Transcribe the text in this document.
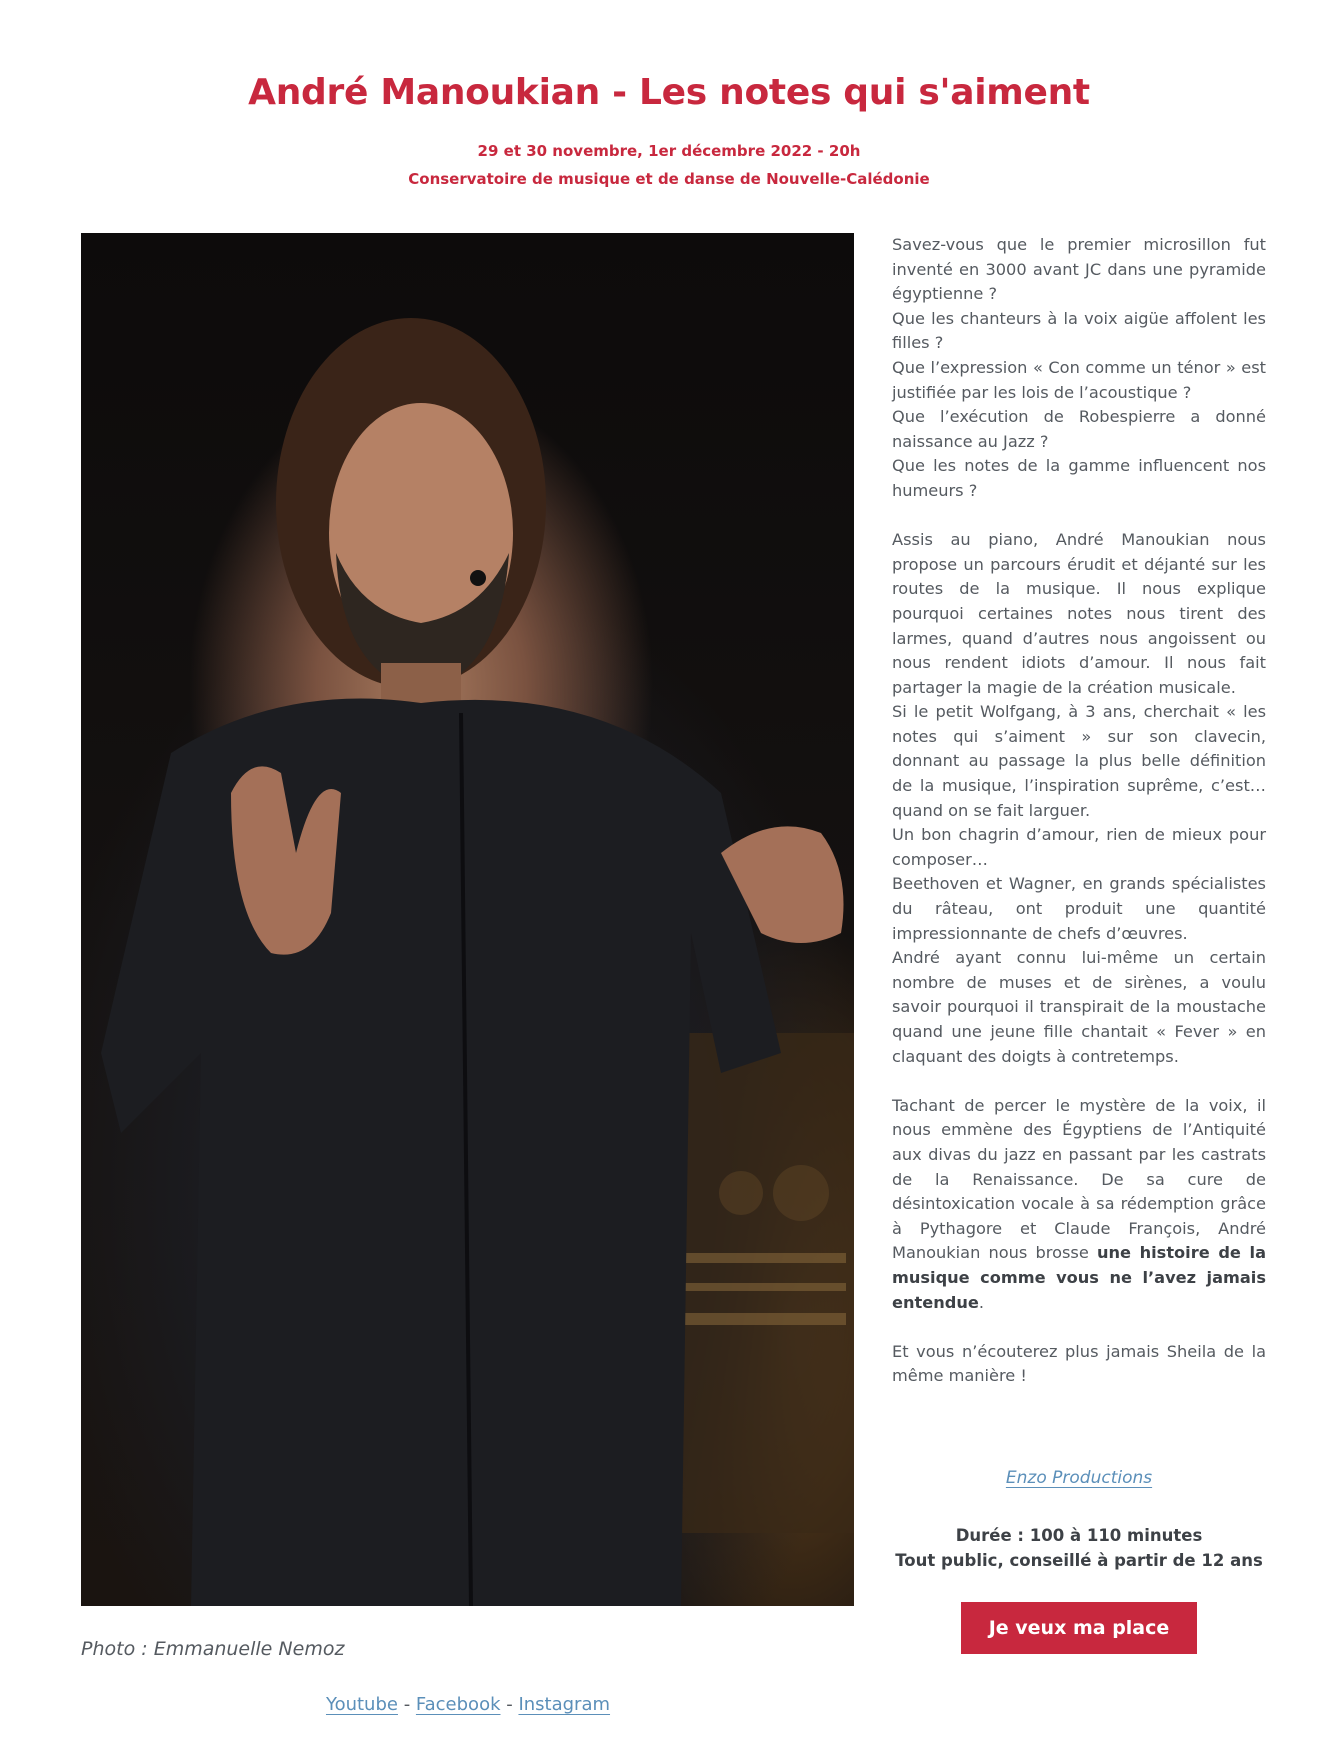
André Manoukian - Les notes qui s'aiment
29 et 30 novembre, 1er décembre 2022 - 20h
Conservatoire de musique et de danse de Nouvelle-Calédonie
Photo : Emmanuelle Nemoz
Youtube - Facebook - Instagram

Savez-vous que le premier microsillon fut inventé en 3000 avant JC dans une pyramide égyptienne ?
Que les chanteurs à la voix aigüe affolent les filles ?
Que l’expression « Con comme un ténor » est justifiée par les lois de l’acoustique ?
Que l’exécution de Robespierre a donné naissance au Jazz ?
Que les notes de la gamme influencent nos humeurs ?

Assis au piano, André Manoukian nous propose un parcours érudit et déjanté sur les routes de la musique. Il nous explique pourquoi certaines notes nous tirent des larmes, quand d’autres nous angoissent ou nous rendent idiots d’amour. Il nous fait partager la magie de la création musicale.
Si le petit Wolfgang, à 3 ans, cherchait « les notes qui s’aiment » sur son clavecin, donnant au passage la plus belle définition de la musique, l’inspiration suprême, c’est… quand on se fait larguer.
Un bon chagrin d’amour, rien de mieux pour composer…
Beethoven et Wagner, en grands spécialistes du râteau, ont produit une quantité impressionnante de chefs d’œuvres.
André ayant connu lui-même un certain nombre de muses et de sirènes, a voulu savoir pourquoi il transpirait de la moustache quand une jeune fille chantait « Fever » en claquant des doigts à contretemps.

Tachant de percer le mystère de la voix, il nous emmène des Égyptiens de l’Antiquité aux divas du jazz en passant par les castrats de la Renaissance. De sa cure de désintoxication vocale à sa rédemption grâce à Pythagore et Claude François, André Manoukian nous brosse une histoire de la musique comme vous ne l’avez jamais entendue.

Et vous n’écouterez plus jamais Sheila de la même manière !

Enzo Productions
Durée : 100 à 110 minutes
Tout public, conseillé à partir de 12 ans
Je veux ma place
